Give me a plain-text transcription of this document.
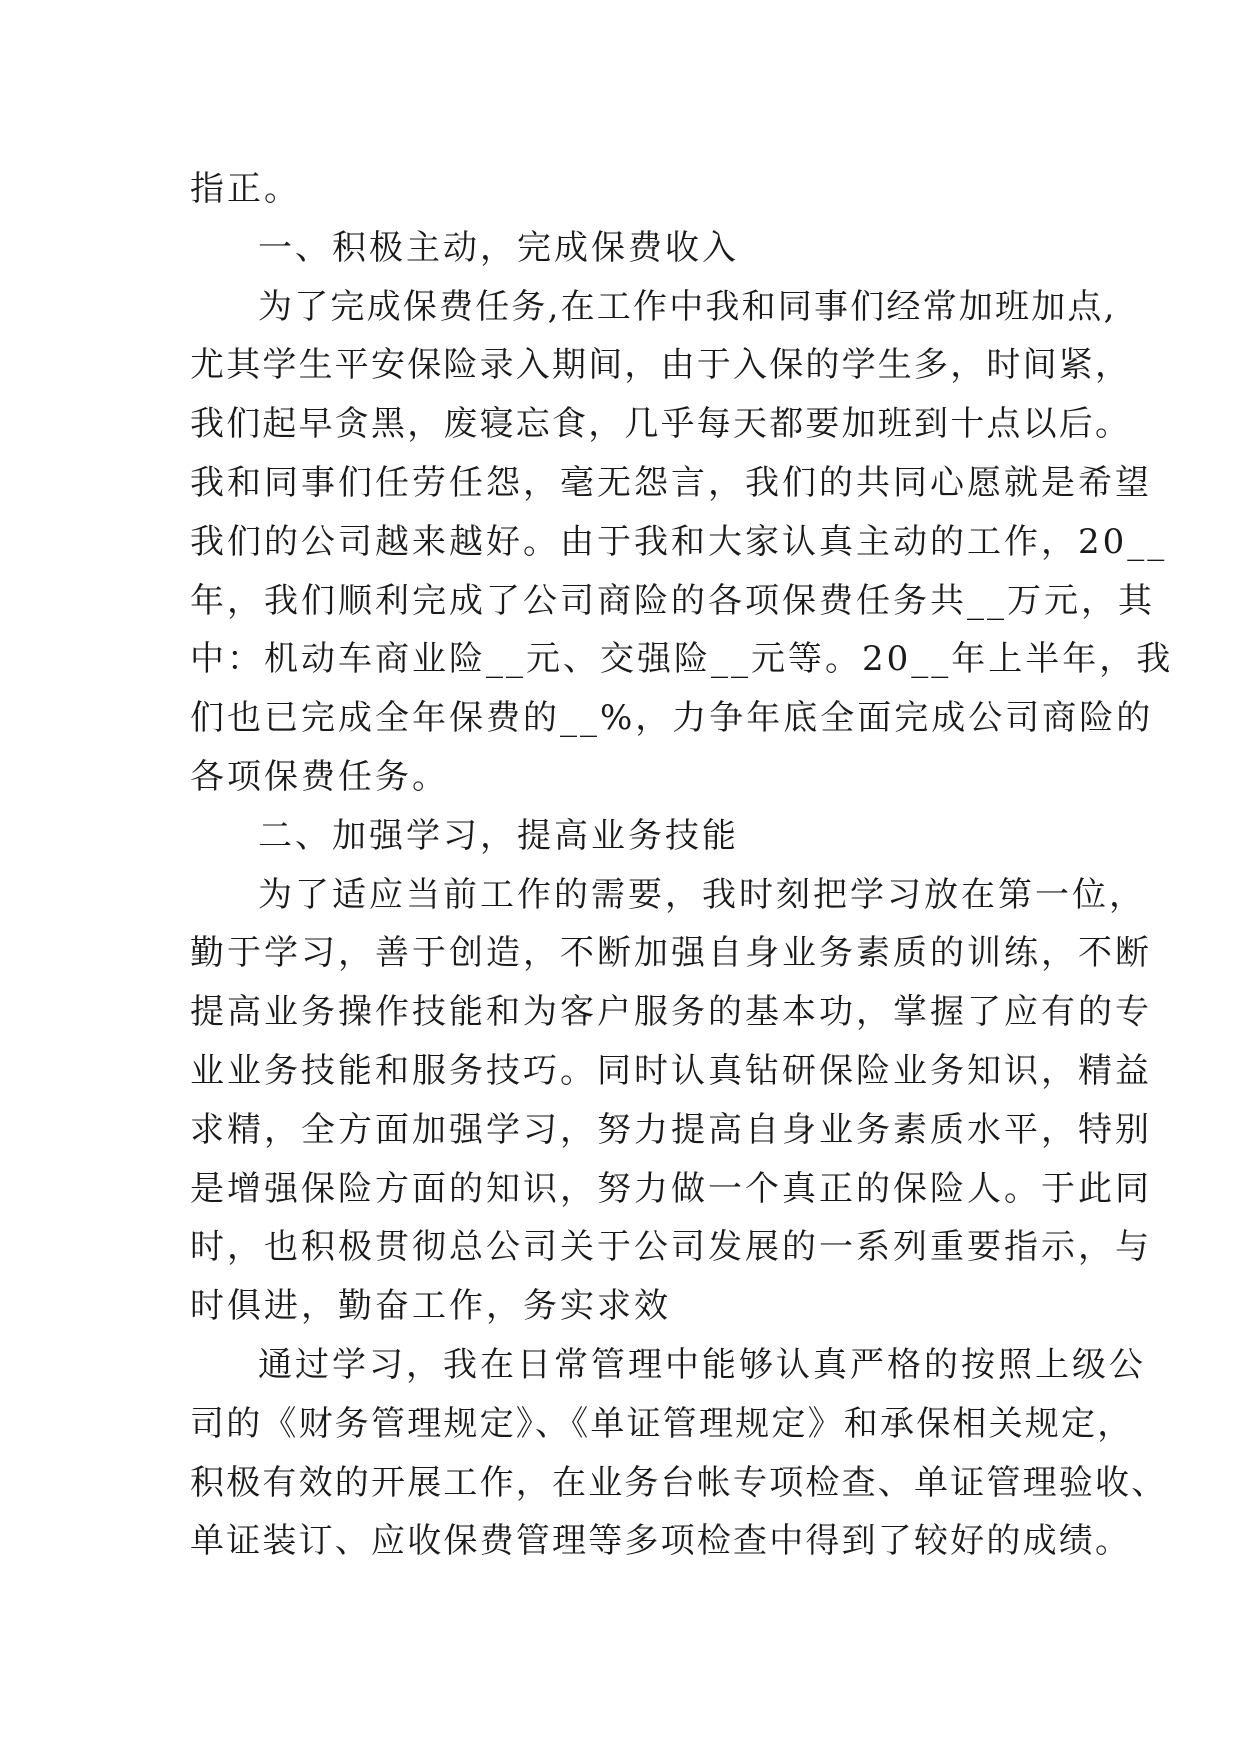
指正。
一、积极主动，完成保费收入
为了完成保费任务,在工作中我和同事们经常加班加点,
尤其学生平安保险录入期间，由于入保的学生多，时间紧，
我们起早贪黑，废寝忘食，几乎每天都要加班到十点以后。
我和同事们任劳任怨，毫无怨言，我们的共同心愿就是希望
我们的公司越来越好。由于我和大家认真主动的工作，20__
年，我们顺利完成了公司商险的各项保费任务共__万元，其
中：机动车商业险__元、交强险__元等。20__年上半年，我
们也已完成全年保费的__%，力争年底全面完成公司商险的
各项保费任务。
二、加强学习，提高业务技能
为了适应当前工作的需要，我时刻把学习放在第一位，
勤于学习，善于创造，不断加强自身业务素质的训练，不断
提高业务操作技能和为客户服务的基本功，掌握了应有的专
业业务技能和服务技巧。同时认真钻研保险业务知识，精益
求精，全方面加强学习，努力提高自身业务素质水平，特别
是增强保险方面的知识，努力做一个真正的保险人。于此同
时，也积极贯彻总公司关于公司发展的一系列重要指示，与
时俱进，勤奋工作，务实求效
通过学习，我在日常管理中能够认真严格的按照上级公
司的《财务管理规定》、《单证管理规定》和承保相关规定，
积极有效的开展工作，在业务台帐专项检查、单证管理验收、
单证装订、应收保费管理等多项检查中得到了较好的成绩。
